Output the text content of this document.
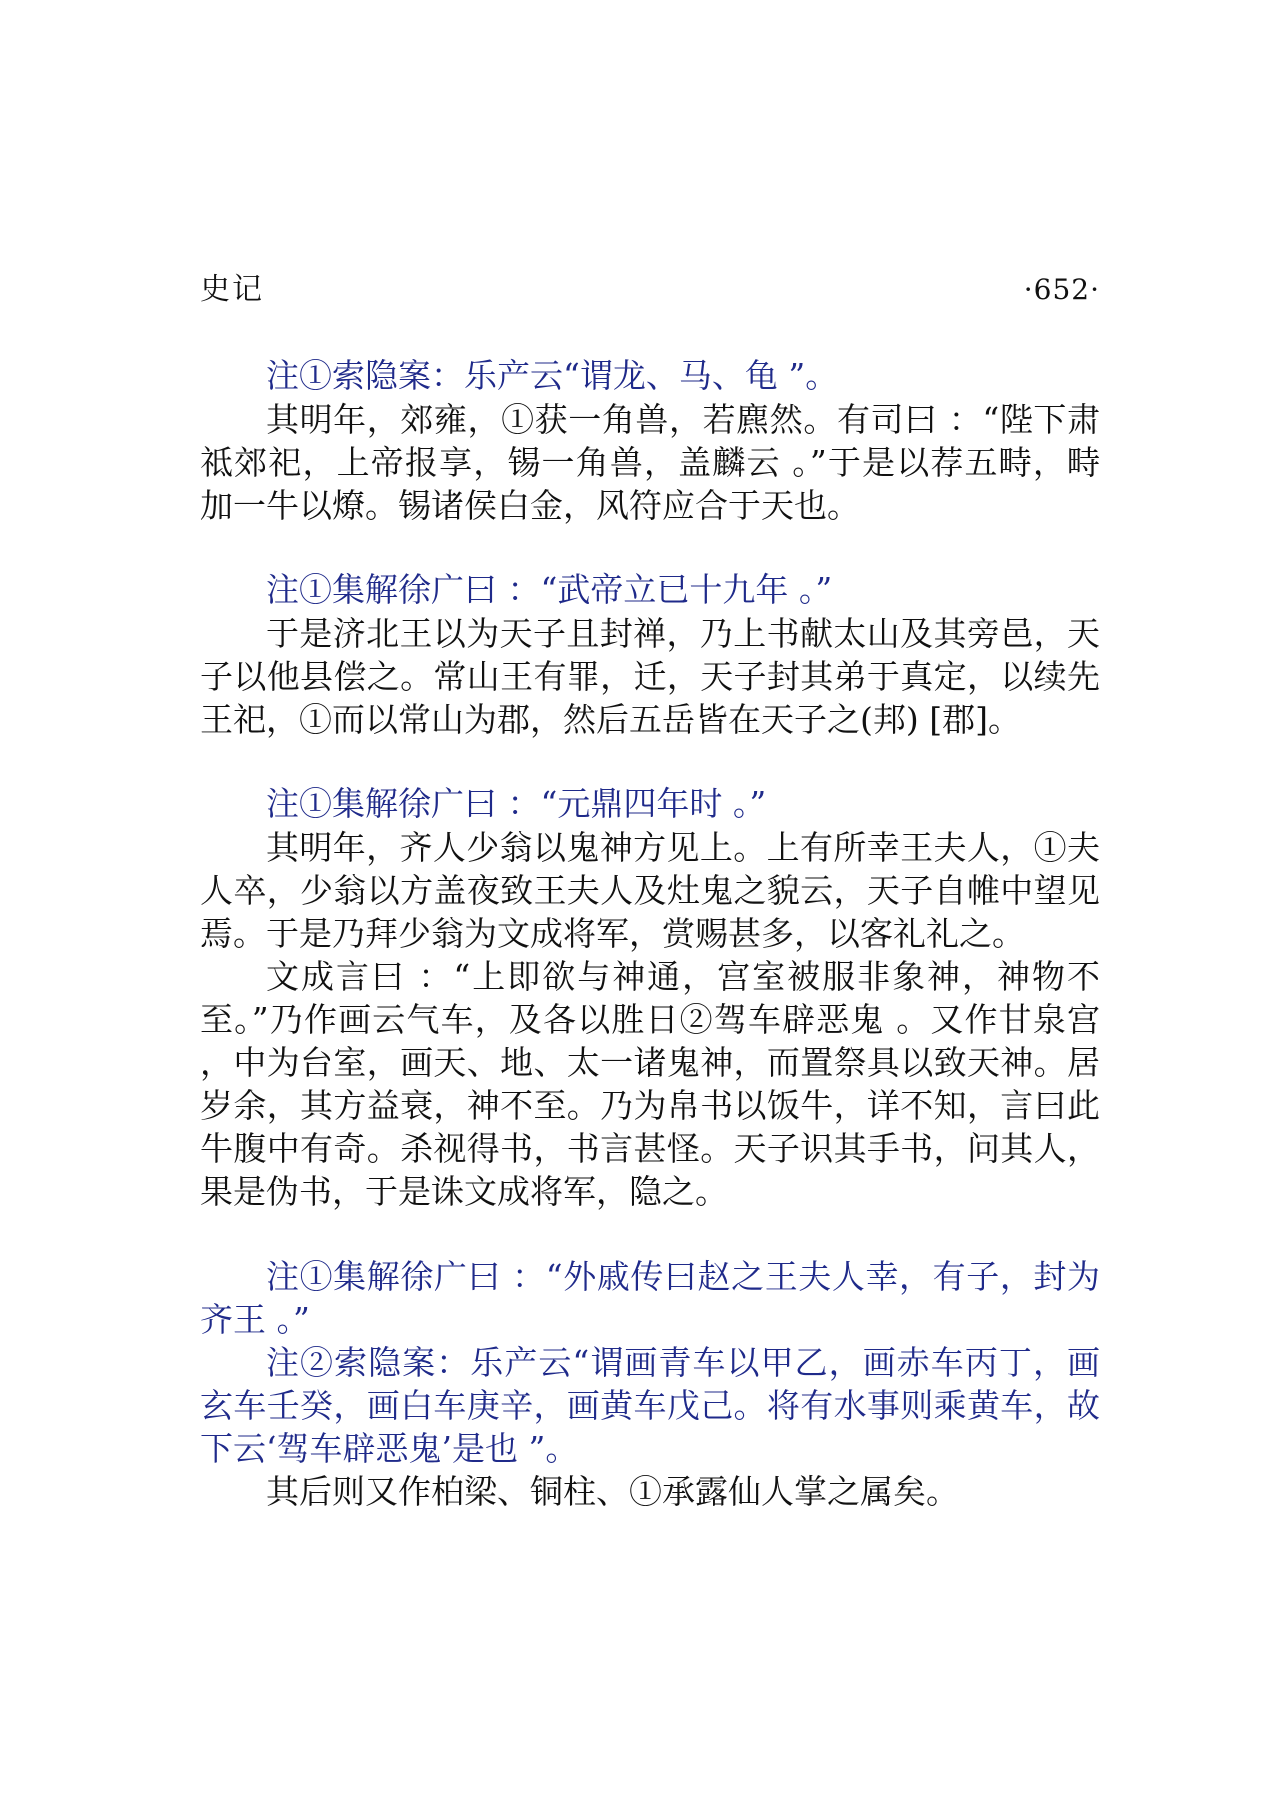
史记	·652·

注①索隐案：乐产云“谓龙、马、龟 ”。

其明年，郊雍，①获一角兽，若麃然。有司曰 ：“陛下肃祗郊祀，上帝报享，锡一角兽，盖麟云 。”于是以荐五畤，畤加一牛以燎。锡诸侯白金，风符应合于天也。

注①集解徐广曰 ：“武帝立已十九年 。”

于是济北王以为天子且封禅，乃上书献太山及其旁邑，天子以他县偿之。常山王有罪，迁，天子封其弟于真定，以续先王祀，①而以常山为郡，然后五岳皆在天子之(邦) [郡]。

注①集解徐广曰 ：“元鼎四年时 。”

其明年，齐人少翁以鬼神方见上。上有所幸王夫人，①夫人卒，少翁以方盖夜致王夫人及灶鬼之貌云，天子自帷中望见焉。于是乃拜少翁为文成将军，赏赐甚多，以客礼礼之。

文成言曰 ：“上即欲与神通，宫室被服非象神，神物不至。”乃作画云气车，及各以胜日②驾车辟恶鬼 。又作甘泉宫 ，中为台室，画天、地、太一诸鬼神，而置祭具以致天神。居岁余，其方益衰，神不至。乃为帛书以饭牛，详不知，言曰此牛腹中有奇。杀视得书，书言甚怪。天子识其手书，问其人，果是伪书，于是诛文成将军，隐之。

注①集解徐广曰 ：“外戚传曰赵之王夫人幸，有子，封为齐王 。”

注②索隐案：乐产云“谓画青车以甲乙，画赤车丙丁，画玄车壬癸，画白车庚辛，画黄车戊己。将有水事则乘黄车，故下云‘驾车辟恶鬼’是也 ”。

其后则又作柏梁、铜柱、①承露仙人掌之属矣。
